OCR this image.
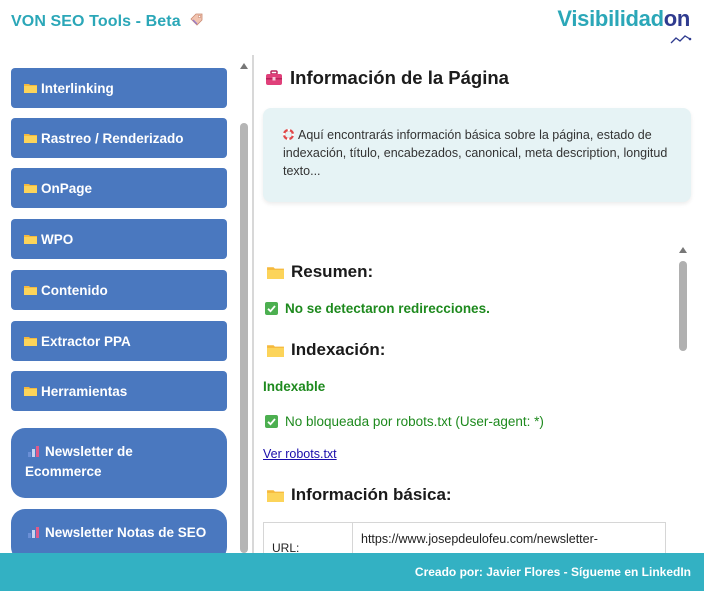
VON SEO Tools - Beta	Visibilidadon
Interlinking
Rastreo / Renderizado
OnPage
WPO
Contenido
Extractor PPA
Herramientas
Newsletter de
Ecommerce
Newsletter Notas de SEO
Información de la Página
Aquí encontrarás información básica sobre la página, estado de indexación, título, encabezados, canonical, meta description, longitud texto...
Resumen:
No se detectaron redirecciones.
Indexación:
Indexable
No bloqueada por robots.txt (User-agent: *)
Ver robots.txt
Información básica:
URL:	https://www.josepdeulofeu.com/newsletter-
Creado por: Javier Flores - Sígueme en LinkedIn
